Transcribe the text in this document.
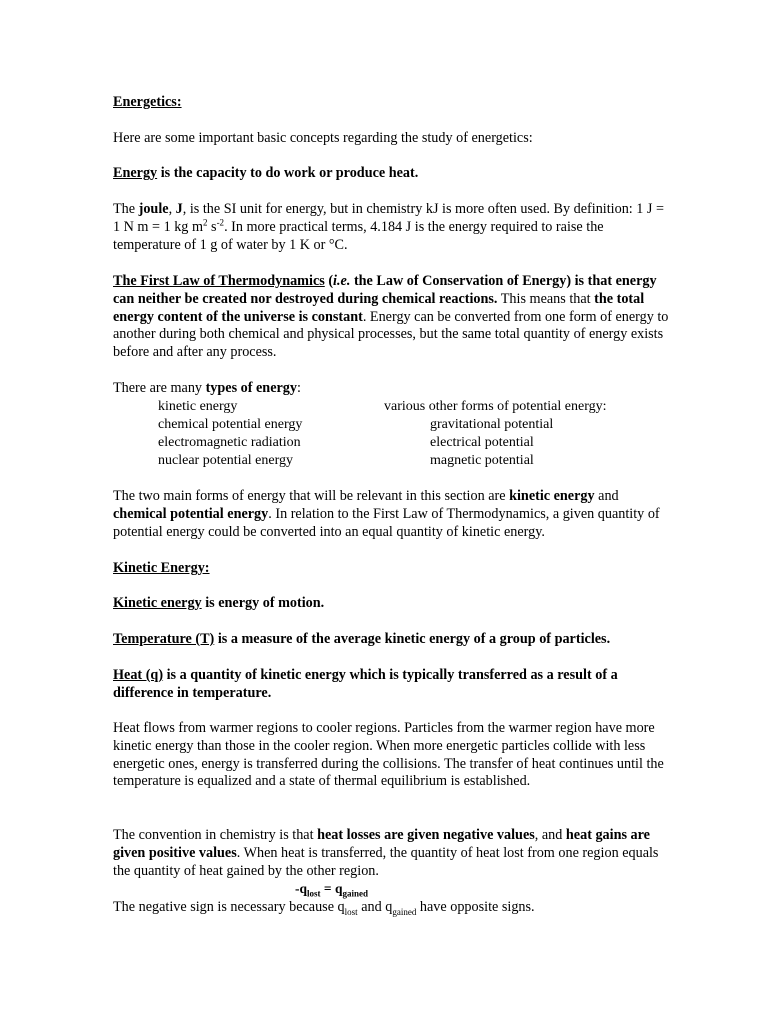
Energetics:
Here are some important basic concepts regarding the study of energetics:
Energy is the capacity to do work or produce heat.
The joule, J, is the SI unit for energy, but in chemistry kJ is more often used. By definition: 1 J = 1 N m = 1 kg $m^2$ $s^{-2}$. In more practical terms, 4.184 J is the energy required to raise the temperature of 1 g of water by 1 K or °C.
The First Law of Thermodynamics (i.e. the Law of Conservation of Energy) is that energy can neither be created nor destroyed during chemical reactions. This means that the total energy content of the universe is constant. Energy can be converted from one form of energy to another during both chemical and physical processes, but the same total quantity of energy exists before and after any process.
There are many types of energy:
kinetic energy
chemical potential energy
electromagnetic radiation
nuclear potential energy
various other forms of potential energy:
gravitational potential
electrical potential
magnetic potential
The two main forms of energy that will be relevant in this section are kinetic energy and chemical potential energy. In relation to the First Law of Thermodynamics, a given quantity of potential energy could be converted into an equal quantity of kinetic energy.
Kinetic Energy:
Kinetic energy is energy of motion.
Temperature (T) is a measure of the average kinetic energy of a group of particles.
Heat (q) is a quantity of kinetic energy which is typically transferred as a result of a difference in temperature.
Heat flows from warmer regions to cooler regions. Particles from the warmer region have more kinetic energy than those in the cooler region. When more energetic particles collide with less energetic ones, energy is transferred during the collisions. The transfer of heat continues until the temperature is equalized and a state of thermal equilibrium is established.
The convention in chemistry is that heat losses are given negative values, and heat gains are given positive values. When heat is transferred, the quantity of heat lost from one region equals the quantity of heat gained by the other region.
$-q_{lost} = q_{gained}$
The negative sign is necessary because $q_{lost}$ and $q_{gained}$ have opposite signs.
